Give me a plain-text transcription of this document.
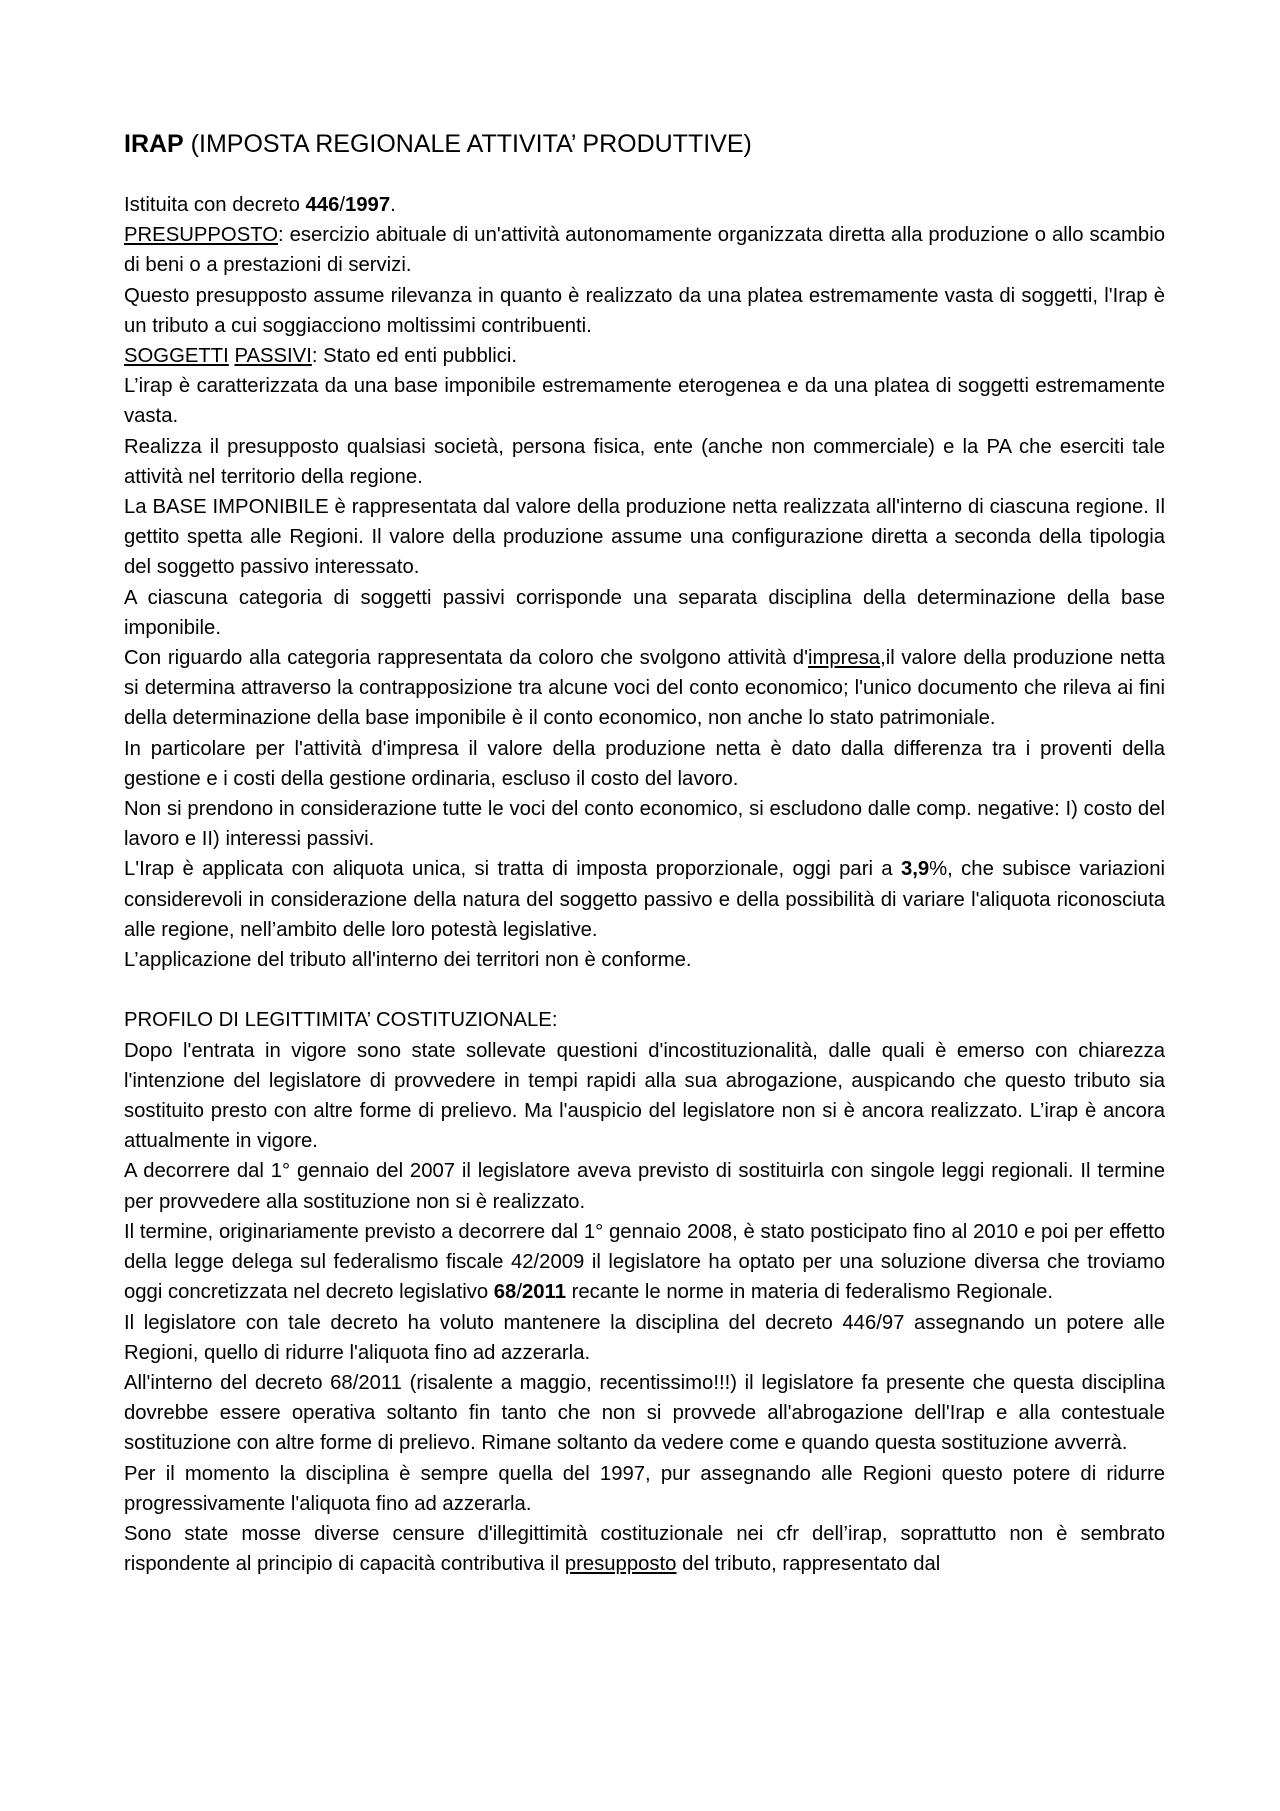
IRAP (IMPOSTA REGIONALE ATTIVITA’ PRODUTTIVE)

Istituita con decreto 446/1997.

PRESUPPOSTO: esercizio abituale di un'attività autonomamente organizzata diretta alla produzione o allo scambio di beni o a prestazioni di servizi.

Questo presupposto assume rilevanza in quanto è realizzato da una platea estremamente vasta di soggetti, l'Irap è un tributo a cui soggiacciono moltissimi contribuenti.

SOGGETTI PASSIVI: Stato ed enti pubblici.

L’irap è caratterizzata da una base imponibile estremamente eterogenea e da una platea di soggetti estremamente vasta.

Realizza il presupposto qualsiasi società, persona fisica, ente (anche non commerciale) e la PA che eserciti tale attività nel territorio della regione.

La BASE IMPONIBILE è rappresentata dal valore della produzione netta realizzata all'interno di ciascuna regione. Il gettito spetta alle Regioni. Il valore della produzione assume una configurazione diretta a seconda della tipologia del soggetto passivo interessato.

A ciascuna categoria di soggetti passivi corrisponde una separata disciplina della determinazione della base imponibile.

Con riguardo alla categoria rappresentata da coloro che svolgono attività d'impresa,il valore della produzione netta si determina attraverso la contrapposizione tra alcune voci del conto economico; l'unico documento che rileva ai fini della determinazione della base imponibile è il conto economico, non anche lo stato patrimoniale.

In particolare per l'attività d'impresa il valore della produzione netta è dato dalla differenza tra i proventi della gestione e i costi della gestione ordinaria, escluso il costo del lavoro.

Non si prendono in considerazione tutte le voci del conto economico, si escludono dalle comp. negative: I) costo del lavoro e II) interessi passivi.

L'Irap è applicata con aliquota unica, si tratta di imposta proporzionale, oggi pari a 3,9%, che subisce variazioni considerevoli in considerazione della natura del soggetto passivo e della possibilità di variare l'aliquota riconosciuta alle regione, nell’ambito delle loro potestà legislative.

L’applicazione del tributo all'interno dei territori non è conforme.

PROFILO DI LEGITTIMITA’ COSTITUZIONALE:

Dopo l'entrata in vigore sono state sollevate questioni d'incostituzionalità, dalle quali è emerso con chiarezza l'intenzione del legislatore di provvedere in tempi rapidi alla sua abrogazione, auspicando che questo tributo sia sostituito presto con altre forme di prelievo. Ma l'auspicio del legislatore non si è ancora realizzato. L’irap è ancora attualmente in vigore.

A decorrere dal 1° gennaio del 2007 il legislatore aveva previsto di sostituirla con singole leggi regionali. Il termine per provvedere alla sostituzione non si è realizzato.

Il termine, originariamente previsto a decorrere dal 1° gennaio 2008, è stato posticipato fino al 2010 e poi per effetto della legge delega sul federalismo fiscale 42/2009 il legislatore ha optato per una soluzione diversa che troviamo oggi concretizzata nel decreto legislativo 68/2011 recante le norme in materia di federalismo Regionale.

Il legislatore con tale decreto ha voluto mantenere la disciplina del decreto 446/97 assegnando un potere alle Regioni, quello di ridurre l'aliquota fino ad azzerarla.

All'interno del decreto 68/2011 (risalente a maggio, recentissimo!!!) il legislatore fa presente che questa disciplina dovrebbe essere operativa soltanto fin tanto che non si provvede all'abrogazione dell'Irap e alla contestuale sostituzione con altre forme di prelievo. Rimane soltanto da vedere come e quando questa sostituzione avverrà.

Per il momento la disciplina è sempre quella del 1997, pur assegnando alle Regioni questo potere di ridurre progressivamente l'aliquota fino ad azzerarla.

Sono state mosse diverse censure d'illegittimità costituzionale nei cfr dell’irap, soprattutto non è sembrato rispondente al principio di capacità contributiva il presupposto del tributo, rappresentato dal
